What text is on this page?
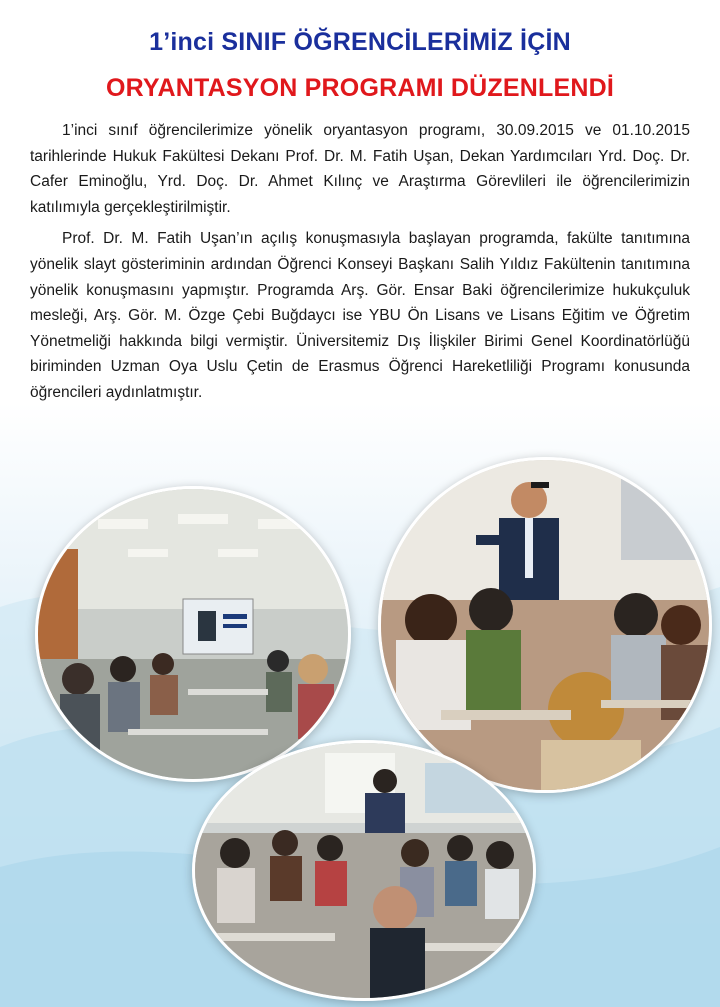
1’inci SINIF ÖĞRENCİLERİMİZ İÇİN
ORYANTASYON PROGRAMI DÜZENLENDİ

1’inci sınıf öğrencilerimize yönelik oryantasyon programı, 30.09.2015 ve 01.10.2015 tarihlerinde Hukuk Fakültesi Dekanı Prof. Dr. M. Fatih Uşan, Dekan Yardımcıları Yrd. Doç. Dr. Cafer Eminoğlu, Yrd. Doç. Dr. Ahmet Kılınç ve Araştırma Görevlileri ile öğrencilerimizin katılımıyla gerçekleştirilmiştir.

Prof. Dr. M. Fatih Uşan’ın açılış konuşmasıyla başlayan programda, fakülte tanıtımına yönelik slayt gösteriminin ardından Öğrenci Konseyi Başkanı Salih Yıldız Fakültenin tanıtımına yönelik konuşmasını yapmıştır. Programda Arş. Gör. Ensar Baki öğrencilerimize hukukçuluk mesleği, Arş. Gör. M. Özge Çebi Buğdaycı ise YBU Ön Lisans ve Lisans Eğitim ve Öğretim Yönetmeliği hakkında bilgi vermiştir. Üniversitemiz Dış İlişkiler Birimi Genel Koordinatörlüğü biriminden Uzman Oya Uslu Çetin de Erasmus Öğrenci Hareketliliği Programı konusunda öğrencileri aydınlatmıştır.
